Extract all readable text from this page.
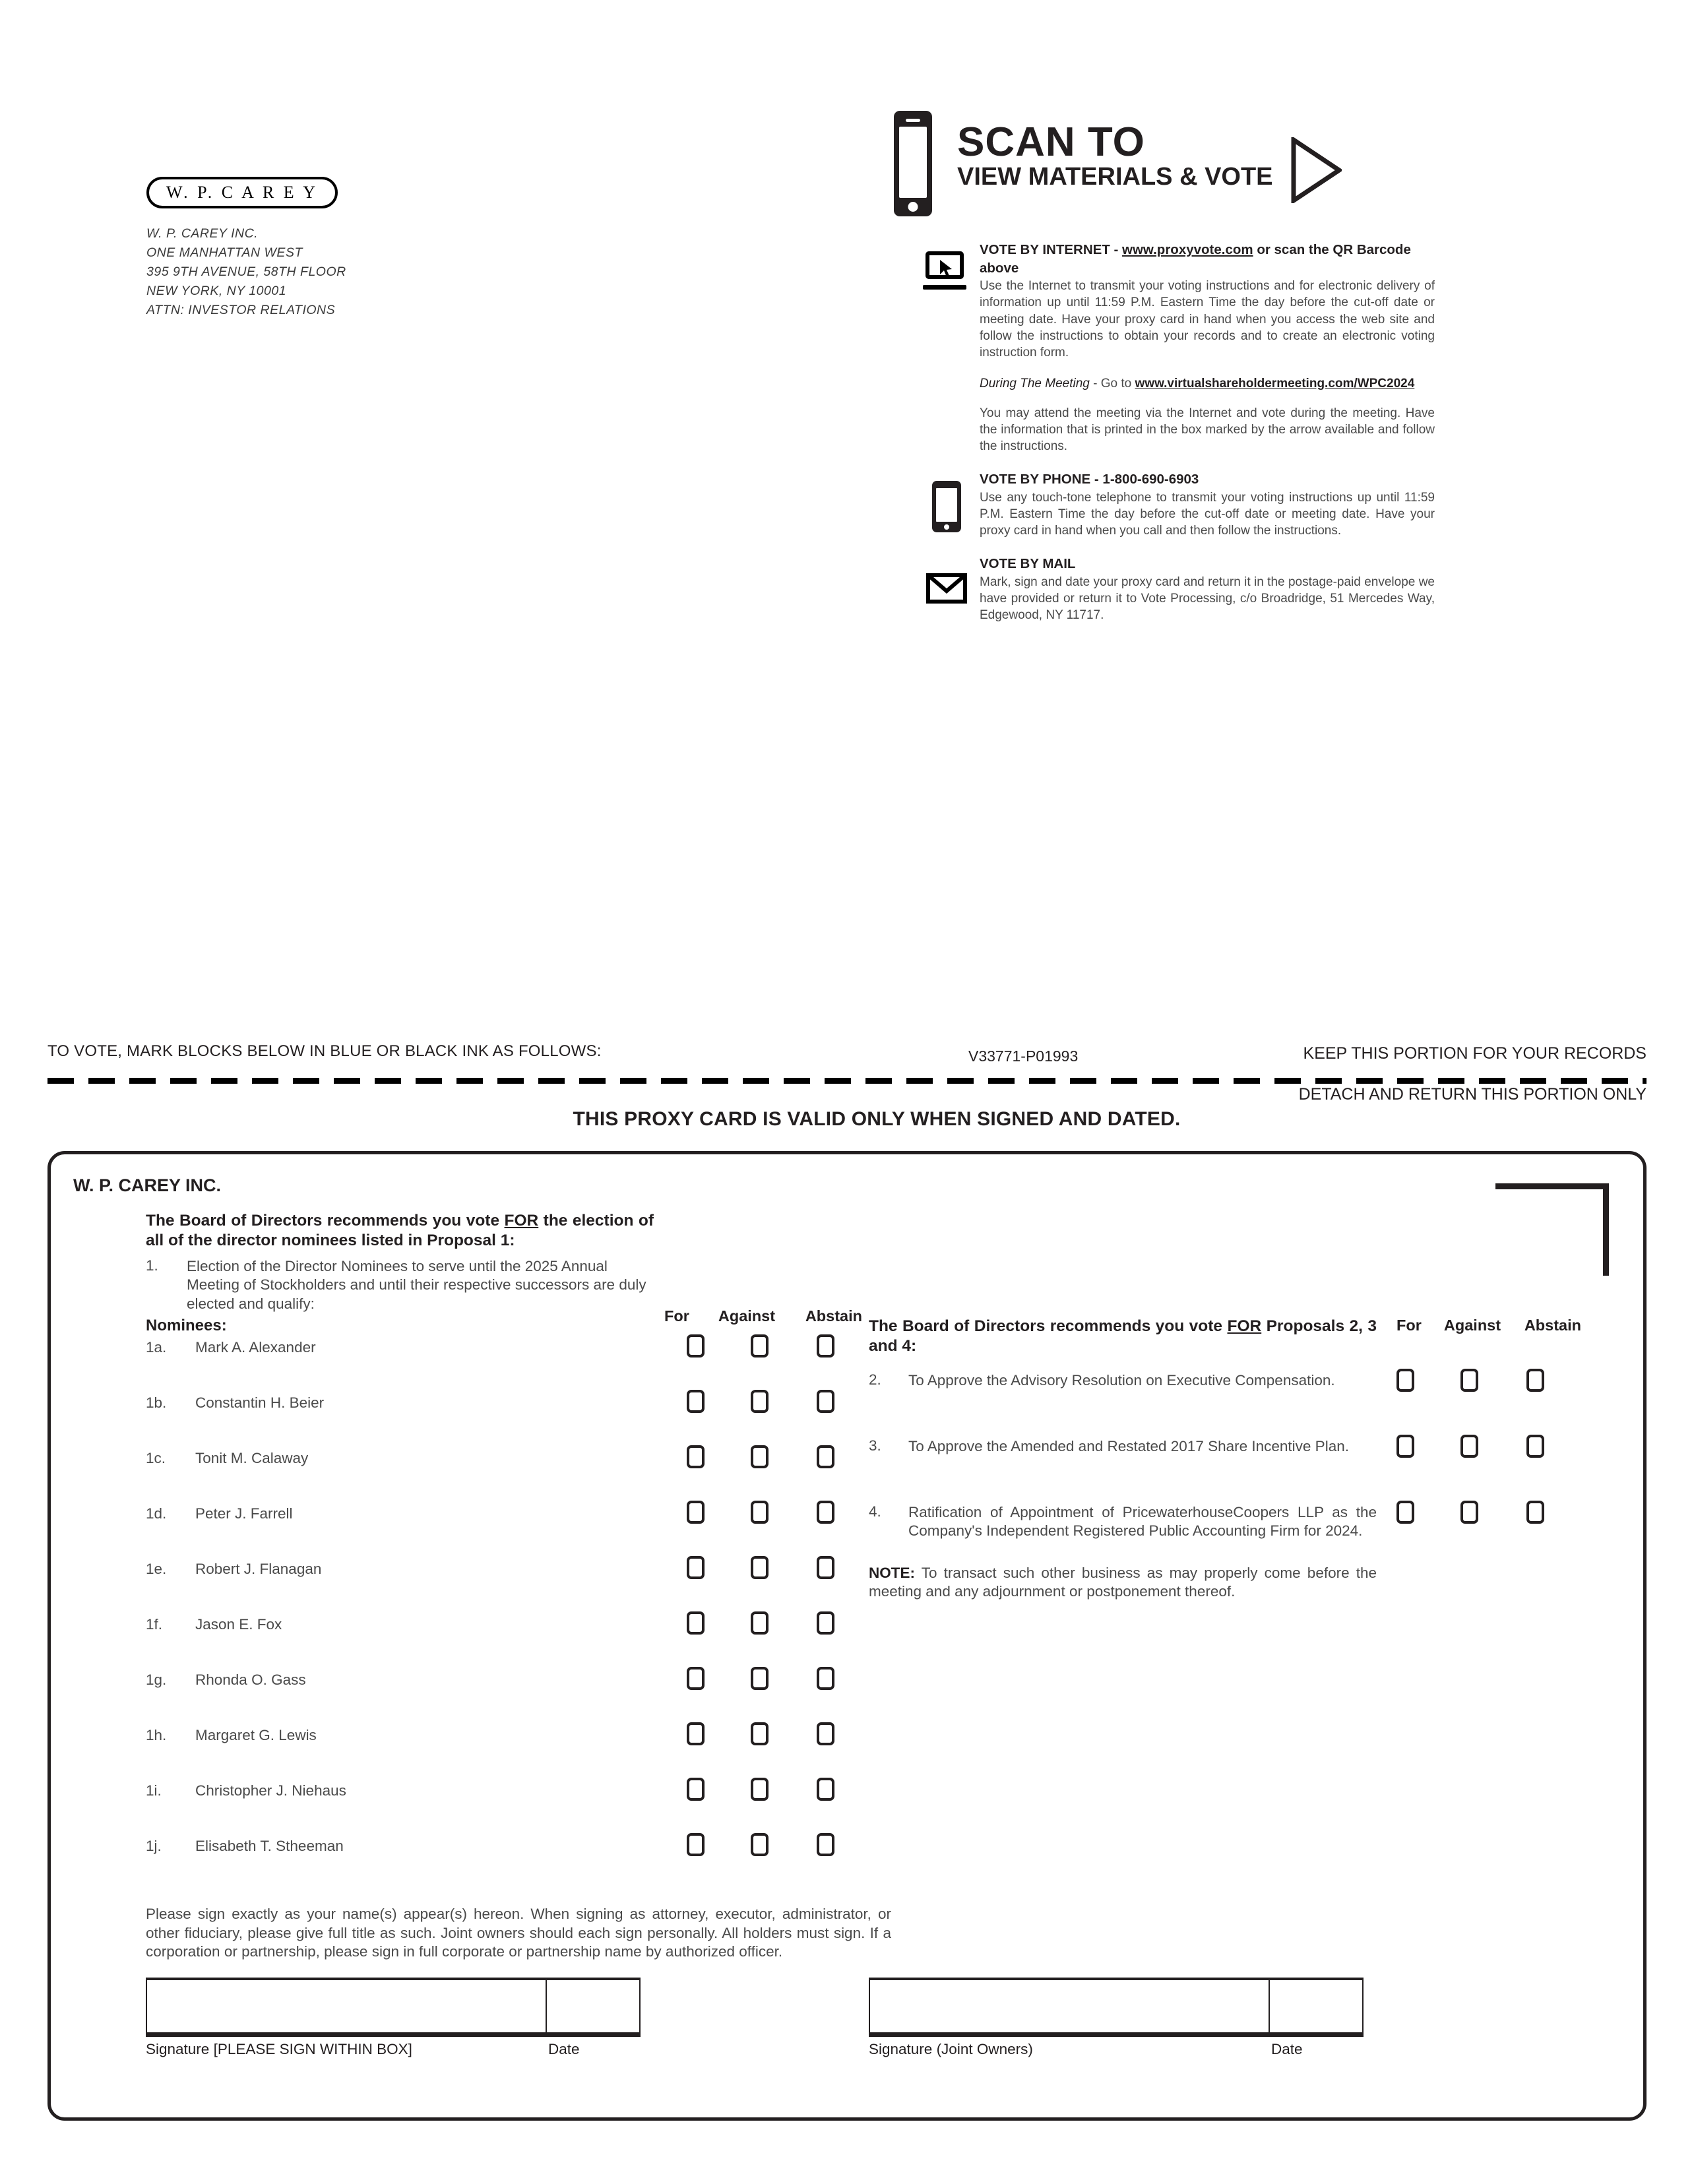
W. P. C A R E Y
W. P. CAREY INC.
ONE MANHATTAN WEST
395 9TH AVENUE, 58TH FLOOR
NEW YORK, NY 10001
ATTN: INVESTOR RELATIONS
SCAN TO
VIEW MATERIALS & VOTE
VOTE BY INTERNET - www.proxyvote.com or scan the QR Barcode above
Use the Internet to transmit your voting instructions and for electronic delivery of information up until 11:59 P.M. Eastern Time the day before the cut-off date or meeting date. Have your proxy card in hand when you access the web site and follow the instructions to obtain your records and to create an electronic voting instruction form.
During The Meeting - Go to www.virtualshareholdermeeting.com/WPC2024
You may attend the meeting via the Internet and vote during the meeting. Have the information that is printed in the box marked by the arrow available and follow the instructions.
VOTE BY PHONE - 1-800-690-6903
Use any touch-tone telephone to transmit your voting instructions up until 11:59 P.M. Eastern Time the day before the cut-off date or meeting date. Have your proxy card in hand when you call and then follow the instructions.
VOTE BY MAIL
Mark, sign and date your proxy card and return it in the postage-paid envelope we have provided or return it to Vote Processing, c/o Broadridge, 51 Mercedes Way, Edgewood, NY 11717.
TO VOTE, MARK BLOCKS BELOW IN BLUE OR BLACK INK AS FOLLOWS:	V33771-P01993	KEEP THIS PORTION FOR YOUR RECORDS
DETACH AND RETURN THIS PORTION ONLY
THIS PROXY CARD IS VALID ONLY WHEN SIGNED AND DATED.
W. P. CAREY INC.
The Board of Directors recommends you vote FOR the election of all of the director nominees listed in Proposal 1:
1.	Election of the Director Nominees to serve until the 2025 Annual Meeting of Stockholders and until their respective successors are duly elected and qualify:
Nominees:
For	Against	Abstain
1a. Mark A. Alexander
1b. Constantin H. Beier
1c. Tonit M. Calaway
1d. Peter J. Farrell
1e. Robert J. Flanagan
1f. Jason E. Fox
1g. Rhonda O. Gass
1h. Margaret G. Lewis
1i. Christopher J. Niehaus
1j. Elisabeth T. Stheeman
The Board of Directors recommends you vote FOR Proposals 2, 3 and 4:
For	Against	Abstain
2.	To Approve the Advisory Resolution on Executive Compensation.
3.	To Approve the Amended and Restated 2017 Share Incentive Plan.
4.	Ratification of Appointment of PricewaterhouseCoopers LLP as the Company's Independent Registered Public Accounting Firm for 2024.
NOTE: To transact such other business as may properly come before the meeting and any adjournment or postponement thereof.
Please sign exactly as your name(s) appear(s) hereon. When signing as attorney, executor, administrator, or other fiduciary, please give full title as such. Joint owners should each sign personally. All holders must sign. If a corporation or partnership, please sign in full corporate or partnership name by authorized officer.
Signature [PLEASE SIGN WITHIN BOX]	Date	Signature (Joint Owners)	Date
